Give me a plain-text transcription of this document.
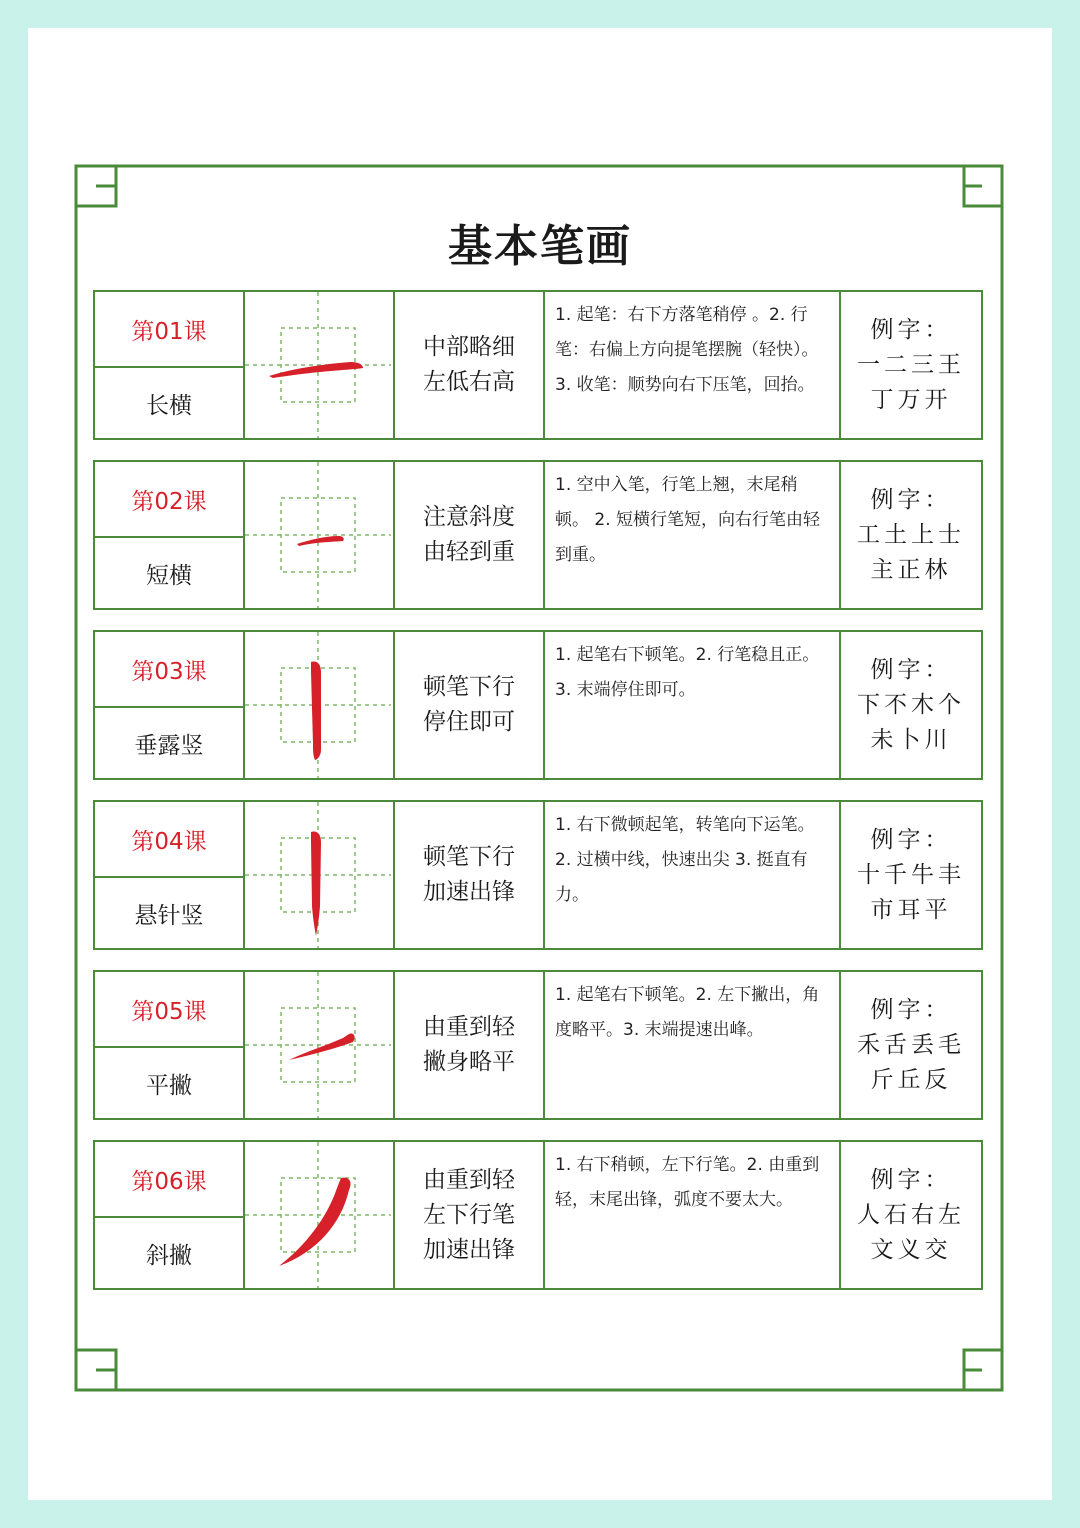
基本笔画
第01课
长横
中部略细
左低右高
1. 起笔：右下方落笔稍停 。2. 行笔：右偏上方向提笔摆腕（轻快）。3. 收笔：顺势向右下压笔，回抬。
例字：
一二三王
丁万开
第02课
短横
注意斜度
由轻到重
1. 空中入笔，行笔上翘，末尾稍顿。 2. 短横行笔短，向右行笔由轻到重。
例字：
工土上士
主正林
第03课
垂露竖
顿笔下行
停住即可
1. 起笔右下顿笔。2. 行笔稳且正。3. 末端停住即可。
例字：
下不木个
未卜川
第04课
悬针竖
顿笔下行
加速出锋
1. 右下微顿起笔，转笔向下运笔。2. 过横中线，快速出尖 3. 挺直有力。
例字：
十千牛丰
市耳平
第05课
平撇
由重到轻
撇身略平
1. 起笔右下顿笔。2. 左下撇出，角度略平。3. 末端提速出峰。
例字：
禾舌丢毛
斤丘反
第06课
斜撇
由重到轻
左下行笔
加速出锋
1. 右下稍顿，左下行笔。2. 由重到轻，末尾出锋，弧度不要太大。
例字：
人石右左
文义交
